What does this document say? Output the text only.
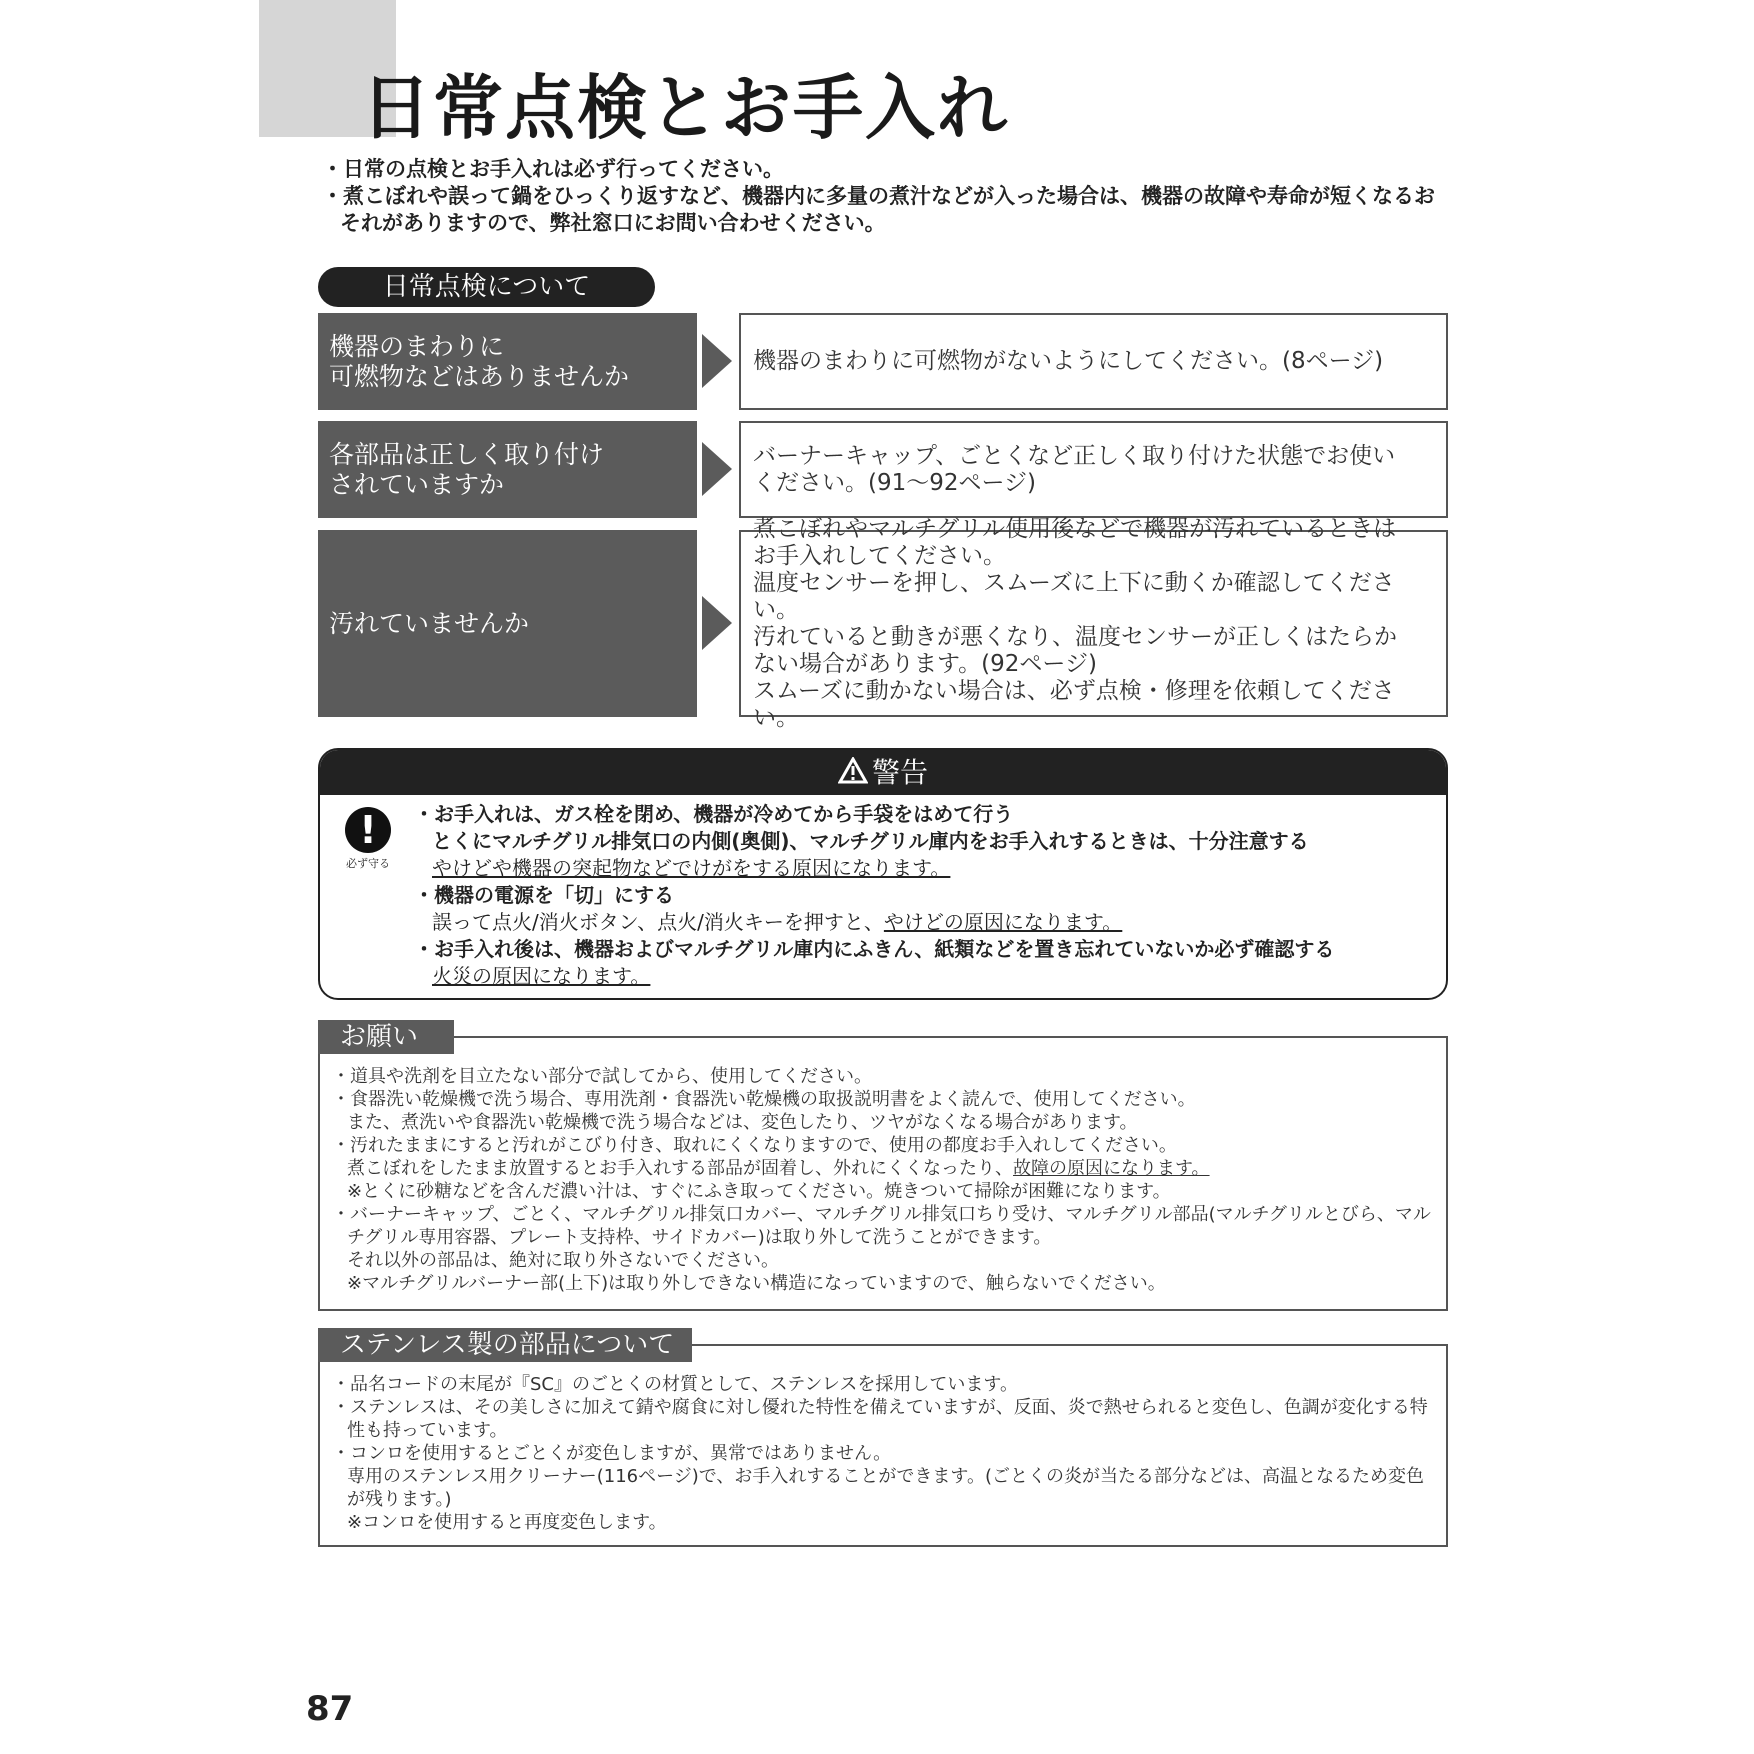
日常点検とお手入れ
・日常の点検とお手入れは必ず行ってください。
・煮こぼれや誤って鍋をひっくり返すなど、機器内に多量の煮汁などが入った場合は、機器の故障や寿命が短くなるおそれがありますので、弊社窓口にお問い合わせください。
日常点検について
機器のまわりに
可燃物などはありませんか
機器のまわりに可燃物がないようにしてください。(8ページ)
各部品は正しく取り付け
されていますか
バーナーキャップ、ごとくなど正しく取り付けた状態でお使い
ください。(91〜92ページ)
汚れていませんか
煮こぼれやマルチグリル使用後などで機器が汚れているときは
お手入れしてください。
温度センサーを押し、スムーズに上下に動くか確認してください。
汚れていると動きが悪くなり、温度センサーが正しくはたらか
ない場合があります。(92ページ)
スムーズに動かない場合は、必ず点検・修理を依頼してください。
警告
!
必ず守る
・お手入れは、ガス栓を閉め、機器が冷めてから手袋をはめて行う
とくにマルチグリル排気口の内側(奥側)、マルチグリル庫内をお手入れするときは、十分注意する
やけどや機器の突起物などでけがをする原因になります。
・機器の電源を「切」にする
誤って点火/消火ボタン、点火/消火キーを押すと、やけどの原因になります。
・お手入れ後は、機器およびマルチグリル庫内にふきん、紙類などを置き忘れていないか必ず確認する
火災の原因になります。
・道具や洗剤を目立たない部分で試してから、使用してください。
・食器洗い乾燥機で洗う場合、専用洗剤・食器洗い乾燥機の取扱説明書をよく読んで、使用してください。
また、煮洗いや食器洗い乾燥機で洗う場合などは、変色したり、ツヤがなくなる場合があります。
・汚れたままにすると汚れがこびり付き、取れにくくなりますので、使用の都度お手入れしてください。
煮こぼれをしたまま放置するとお手入れする部品が固着し、外れにくくなったり、故障の原因になります。
※とくに砂糖などを含んだ濃い汁は、すぐにふき取ってください。焼きついて掃除が困難になります。
・バーナーキャップ、ごとく、マルチグリル排気口カバー、マルチグリル排気口ちり受け、マルチグリル部品(マルチグリルとびら、マルチグリル専用容器、プレート支持枠、サイドカバー)は取り外して洗うことができます。
それ以外の部品は、絶対に取り外さないでください。
※マルチグリルバーナー部(上下)は取り外しできない構造になっていますので、触らないでください。
お願い
・品名コードの末尾が『SC』のごとくの材質として、ステンレスを採用しています。
・ステンレスは、その美しさに加えて錆や腐食に対し優れた特性を備えていますが、反面、炎で熱せられると変色し、色調が変化する特性も持っています。
・コンロを使用するとごとくが変色しますが、異常ではありません。
専用のステンレス用クリーナー(116ページ)で、お手入れすることができます。(ごとくの炎が当たる部分などは、高温となるため変色が残ります。)
※コンロを使用すると再度変色します。
ステンレス製の部品について
87
